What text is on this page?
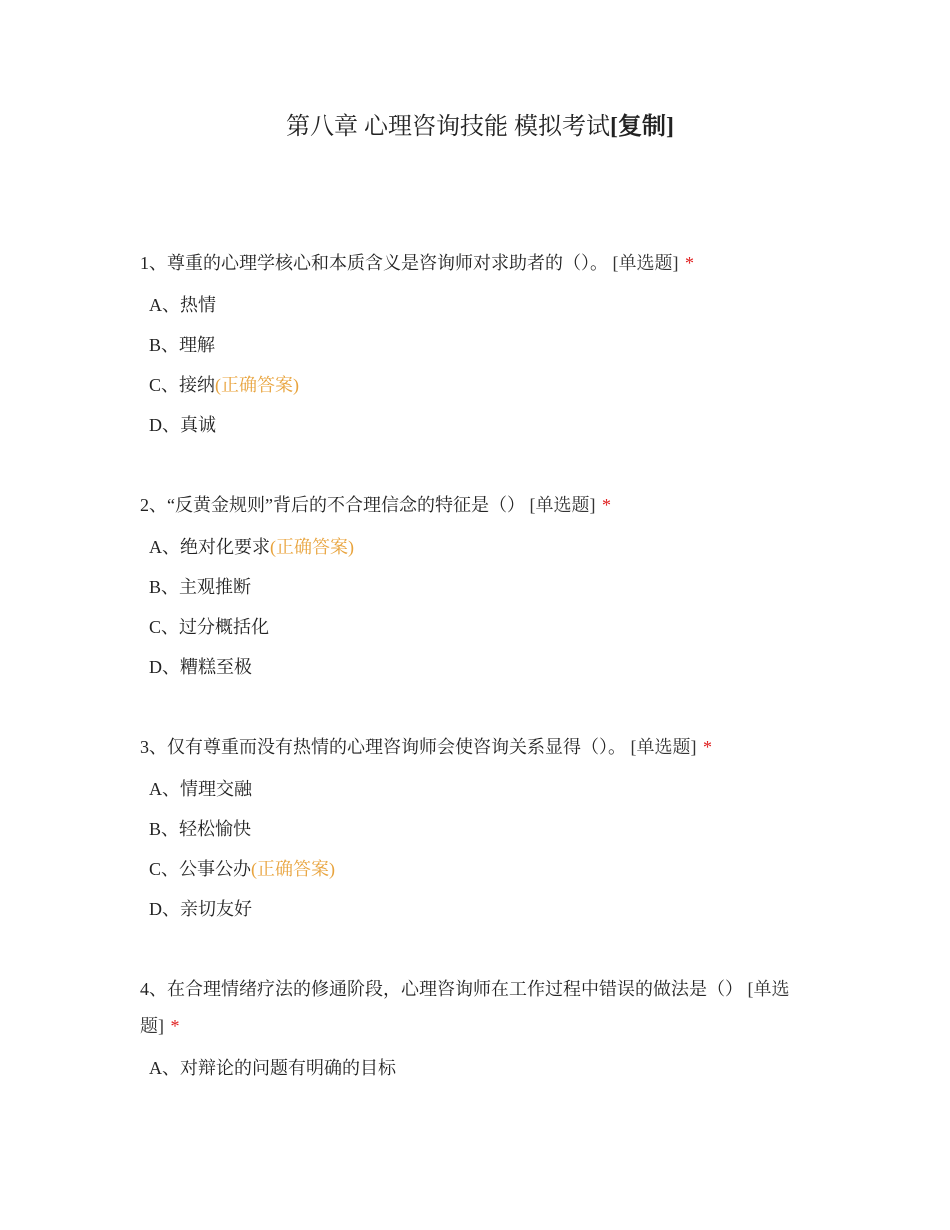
第八章 心理咨询技能 模拟考试[复制]

1、尊重的心理学核心和本质含义是咨询师对求助者的（）。 [单选题] *

A、热情
B、理解
C、接纳(正确答案)
D、真诚

2、“反黄金规则”背后的不合理信念的特征是（） [单选题] *

A、绝对化要求(正确答案)
B、主观推断
C、过分概括化
D、糟糕至极

3、仅有尊重而没有热情的心理咨询师会使咨询关系显得（）。 [单选题] *

A、情理交融
B、轻松愉快
C、公事公办(正确答案)
D、亲切友好

4、在合理情绪疗法的修通阶段，心理咨询师在工作过程中错误的做法是（） [单选题] *

A、对辩论的问题有明确的目标
